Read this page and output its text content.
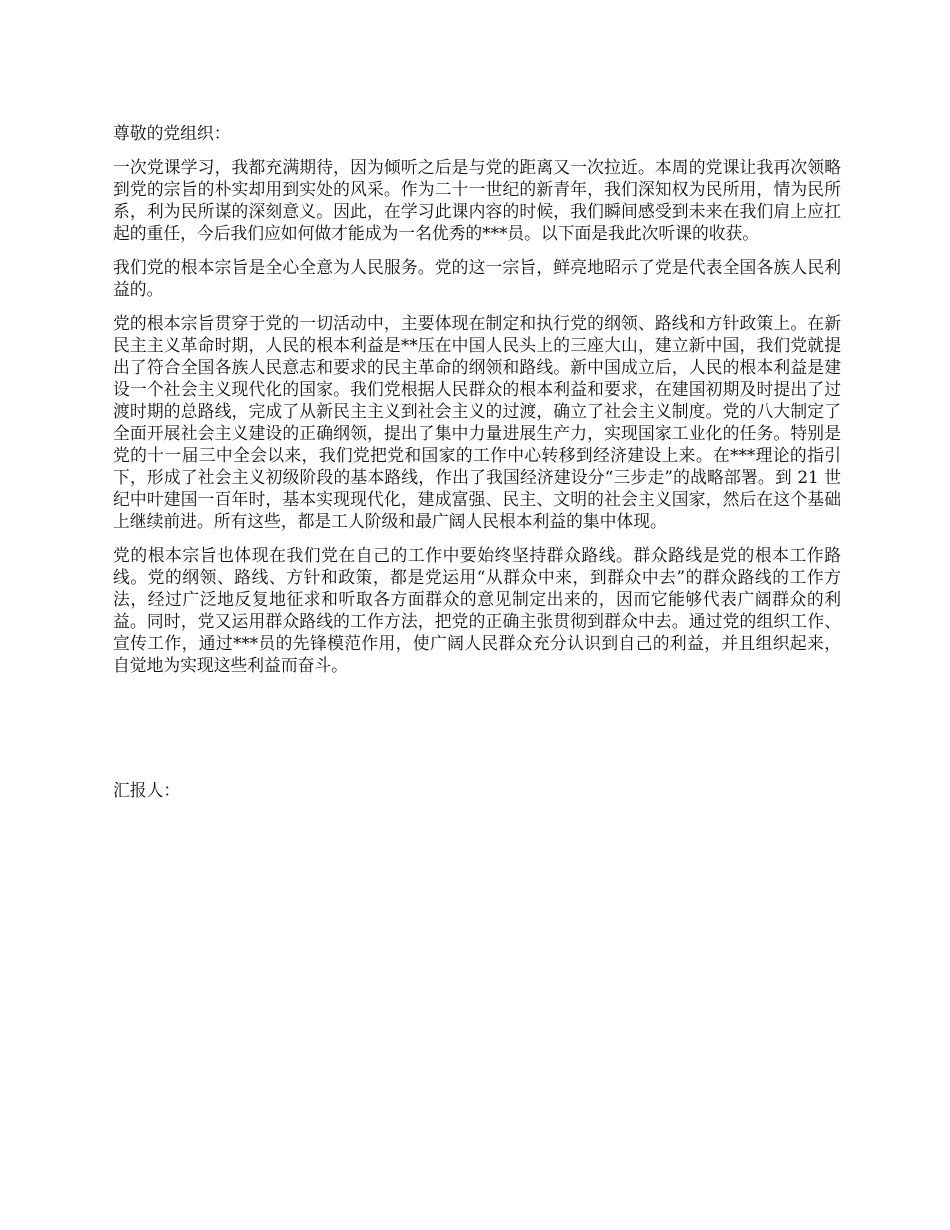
尊敬的党组织：

一次党课学习，我都充满期待，因为倾听之后是与党的距离又一次拉近。本周的党课让我再次领略到党的宗旨的朴实却用到实处的风采。作为二十一世纪的新青年，我们深知权为民所用，情为民所系，利为民所谋的深刻意义。因此，在学习此课内容的时候，我们瞬间感受到未来在我们肩上应扛起的重任，今后我们应如何做才能成为一名优秀的***员。以下面是我此次听课的收获。

我们党的根本宗旨是全心全意为人民服务。党的这一宗旨，鲜亮地昭示了党是代表全国各族人民利益的。

党的根本宗旨贯穿于党的一切活动中，主要体现在制定和执行党的纲领、路线和方针政策上。在新民主主义革命时期，人民的根本利益是**压在中国人民头上的三座大山，建立新中国，我们党就提出了符合全国各族人民意志和要求的民主革命的纲领和路线。新中国成立后，人民的根本利益是建设一个社会主义现代化的国家。我们党根据人民群众的根本利益和要求，在建国初期及时提出了过渡时期的总路线，完成了从新民主主义到社会主义的过渡，确立了社会主义制度。党的八大制定了全面开展社会主义建设的正确纲领，提出了集中力量进展生产力，实现国家工业化的任务。特别是党的十一届三中全会以来，我们党把党和国家的工作中心转移到经济建设上来。在***理论的指引下，形成了社会主义初级阶段的基本路线，作出了我国经济建设分“三步走”的战略部署。到 21 世纪中叶建国一百年时，基本实现现代化，建成富强、民主、文明的社会主义国家，然后在这个基础上继续前进。所有这些，都是工人阶级和最广阔人民根本利益的集中体现。

党的根本宗旨也体现在我们党在自己的工作中要始终坚持群众路线。群众路线是党的根本工作路线。党的纲领、路线、方针和政策，都是党运用“从群众中来，到群众中去”的群众路线的工作方法，经过广泛地反复地征求和听取各方面群众的意见制定出来的，因而它能够代表广阔群众的利益。同时，党又运用群众路线的工作方法，把党的正确主张贯彻到群众中去。通过党的组织工作、宣传工作，通过***员的先锋模范作用，使广阔人民群众充分认识到自己的利益，并且组织起来，自觉地为实现这些利益而奋斗。

汇报人：
